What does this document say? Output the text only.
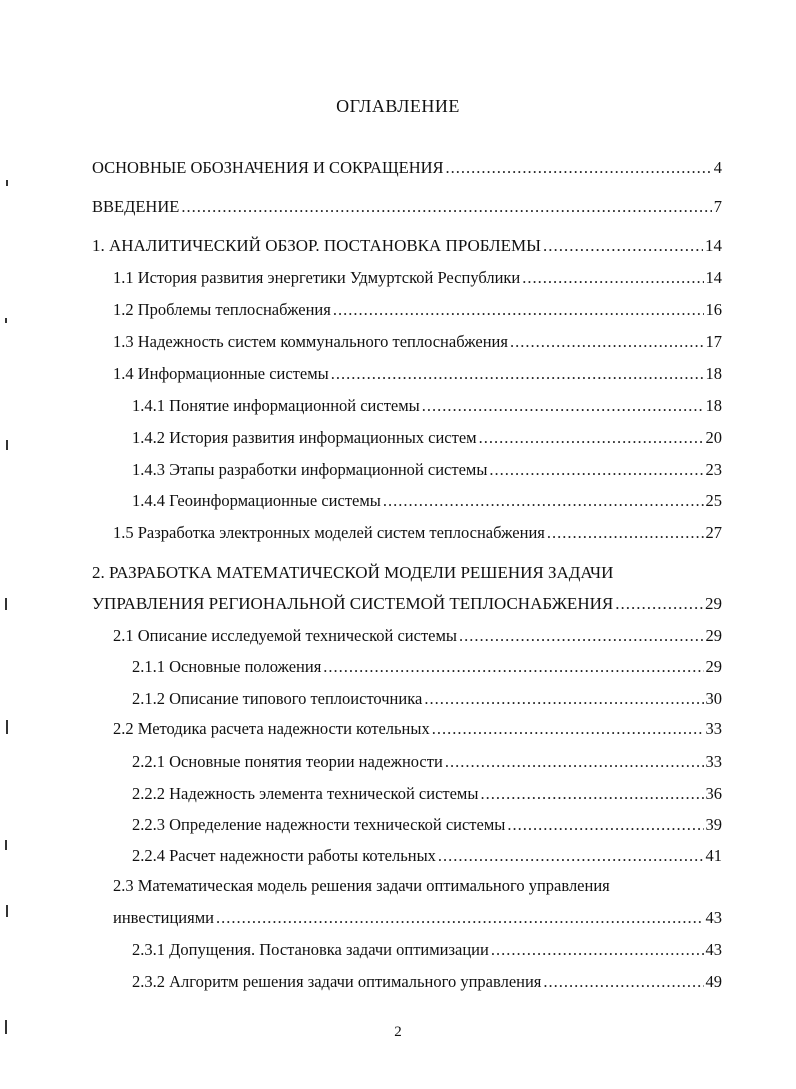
ОГЛАВЛЕНИЕ
ОСНОВНЫЕ ОБОЗНАЧЕНИЯ И СОКРАЩЕНИЯ .....	4
ВВЕДЕНИЕ .....	7
1. АНАЛИТИЧЕСКИЙ ОБЗОР. ПОСТАНОВКА ПРОБЛЕМЫ .....	14
1.1 История развития энергетики Удмуртской Республики .....	14
1.2 Проблемы теплоснабжения .....	16
1.3 Надежность систем коммунального теплоснабжения .....	17
1.4 Информационные системы .....	18
1.4.1 Понятие информационной системы .....	18
1.4.2 История развития информационных систем .....	20
1.4.3 Этапы разработки информационной системы .....	23
1.4.4 Геоинформационные системы .....	25
1.5 Разработка электронных моделей систем теплоснабжения .....	27
2. РАЗРАБОТКА МАТЕМАТИЧЕСКОЙ МОДЕЛИ РЕШЕНИЯ ЗАДАЧИ
УПРАВЛЕНИЯ РЕГИОНАЛЬНОЙ СИСТЕМОЙ ТЕПЛОСНАБЖЕНИЯ .....	29
2.1 Описание исследуемой технической системы .....	29
2.1.1 Основные положения .....	29
2.1.2 Описание типового теплоисточника .....	30
2.2 Методика расчета надежности котельных .....	33
2.2.1 Основные понятия теории надежности .....	33
2.2.2 Надежность элемента технической системы .....	36
2.2.3 Определение надежности технической системы .....	39
2.2.4 Расчет надежности работы котельных .....	41
2.3 Математическая модель решения задачи оптимального управления
инвестициями .....	43
2.3.1 Допущения. Постановка задачи оптимизации .....	43
2.3.2 Алгоритм решения задачи оптимального управления .....	49
2
